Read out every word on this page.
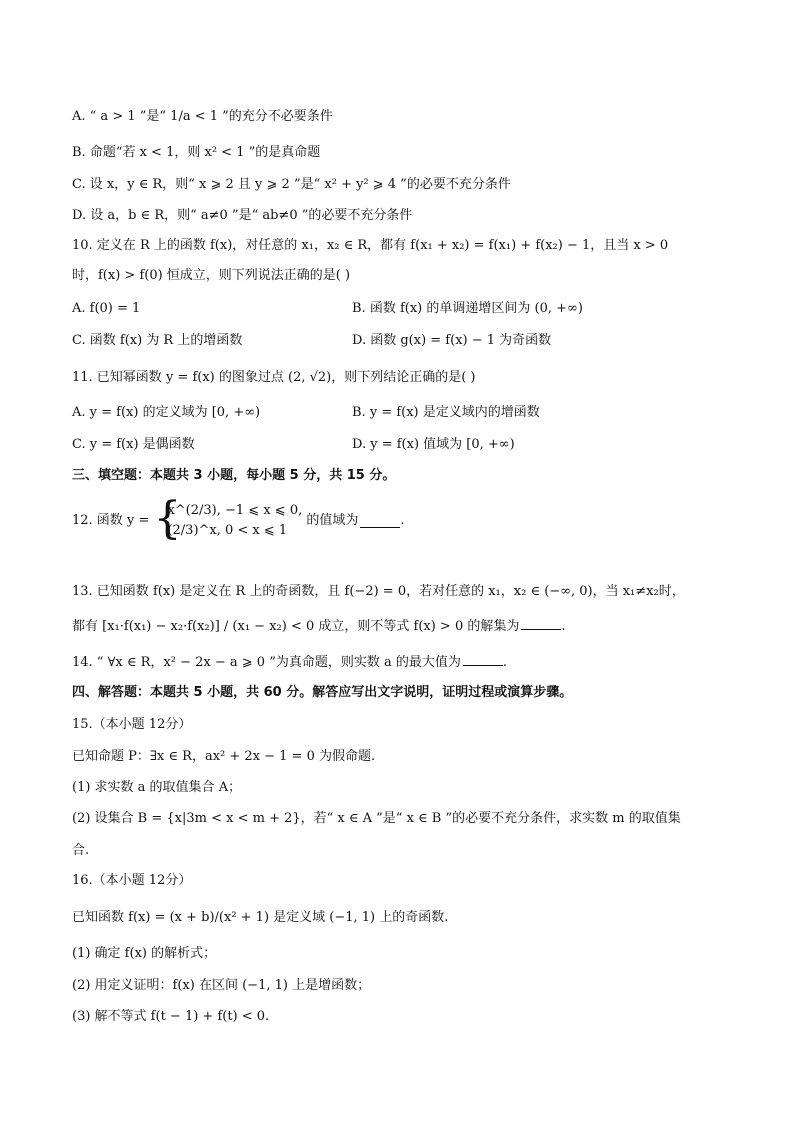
A. “ a > 1 ”是“ 1/a < 1 ”的充分不必要条件
B. 命题“若 x < 1，则 x² < 1 ”的是真命题
C. 设 x，y ∈ R，则“ x ⩾ 2 且 y ⩾ 2 ”是“ x² + y² ⩾ 4 ”的必要不充分条件
D. 设 a，b ∈ R，则“ a≠0 ”是“ ab≠0 ”的必要不充分条件
10. 定义在 R 上的函数 f(x)，对任意的 x₁，x₂ ∈ R，都有 f(x₁ + x₂) = f(x₁) + f(x₂) − 1，且当 x > 0
时，f(x) > f(0) 恒成立，则下列说法正确的是( )
A. f(0) = 1	B. 函数 f(x) 的单调递增区间为 (0, +∞)
C. 函数 f(x) 为 R 上的增函数	D. 函数 g(x) = f(x) − 1 为奇函数
11. 已知幂函数 y = f(x) 的图象过点 (2, √2)，则下列结论正确的是( )
A. y = f(x) 的定义域为 [0, +∞)	B. y = f(x) 是定义域内的增函数
C. y = f(x) 是偶函数	D. y = f(x) 值域为 [0, +∞)
三、填空题：本题共 3 小题，每小题 5 分，共 15 分。
12. 函数 y = {
x^(2/3), −1 ⩽ x ⩽ 0,
(2/3)^x, 0 < x ⩽ 1
的值域为	.
13. 已知函数 f(x) 是定义在 R 上的奇函数，且 f(−2) = 0，若对任意的 x₁，x₂ ∈ (−∞, 0)，当 x₁≠x₂时，
都有 [x₁·f(x₁) − x₂·f(x₂)] / (x₁ − x₂) < 0 成立，则不等式 f(x) > 0 的解集为	.
14. “ ∀x ∈ R，x² − 2x − a ⩾ 0 ”为真命题，则实数 a 的最大值为	.
四、解答题：本题共 5 小题，共 60 分。解答应写出文字说明，证明过程或演算步骤。
15.（本小题 12分）
已知命题 P：∃x ∈ R，ax² + 2x − 1 = 0 为假命题.
(1) 求实数 a 的取值集合 A；
(2) 设集合 B = {x|3m < x < m + 2}，若“ x ∈ A ”是“ x ∈ B ”的必要不充分条件，求实数 m 的取值集
合.
16.（本小题 12分）
已知函数 f(x) = (x + b)/(x² + 1) 是定义域 (−1, 1) 上的奇函数.
(1) 确定 f(x) 的解析式；
(2) 用定义证明：f(x) 在区间 (−1, 1) 上是增函数；
(3) 解不等式 f(t − 1) + f(t) < 0.
